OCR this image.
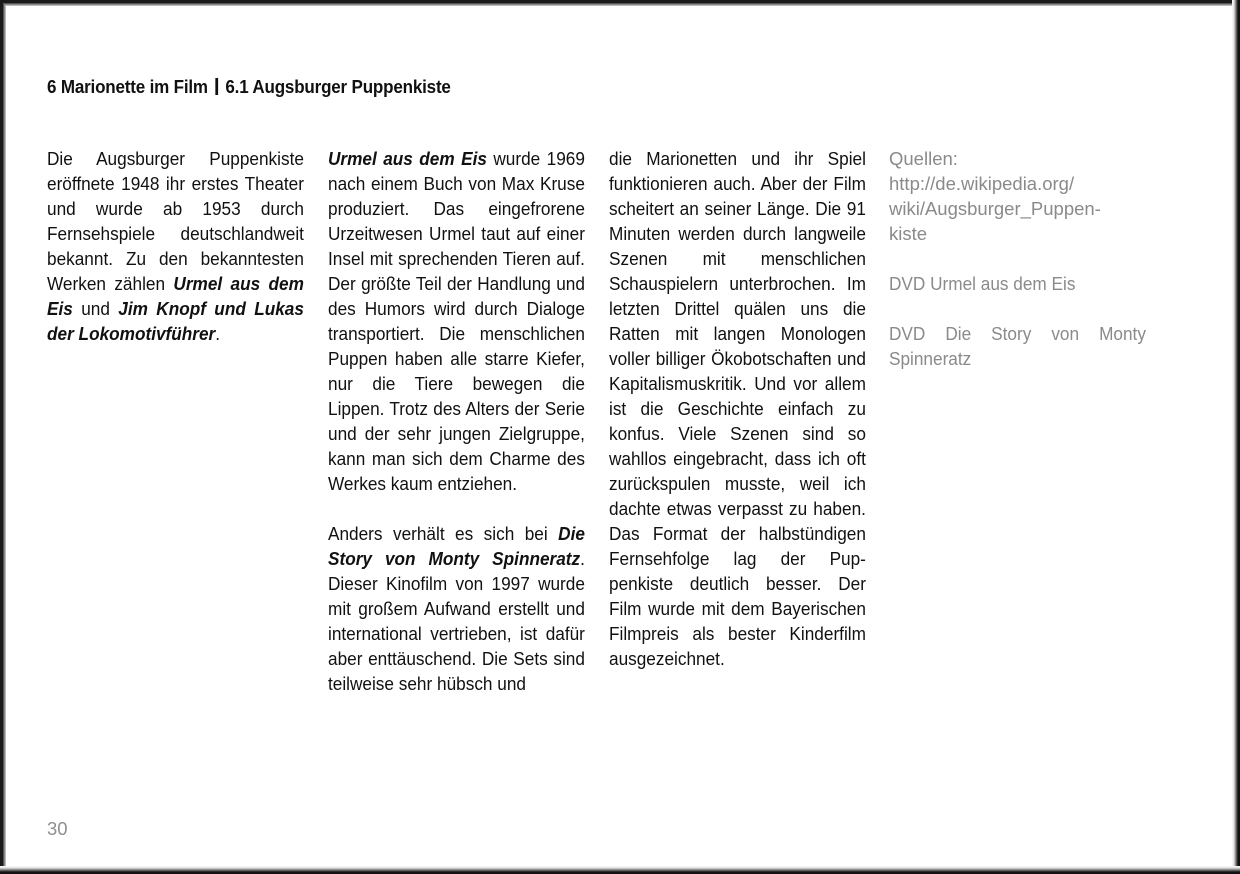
6 Marionette im Film 6.1 Augsburger Puppenkiste

Die Augsburger Puppenkiste eröffnete 1948 ihr erstes Theater und wurde ab 1953 durch Fernsehspiele deutschlandweit bekannt. Zu den bekanntesten Werken zählen Urmel aus dem Eis und Jim Knopf und Lukas der Lokomotivführer.

Urmel aus dem Eis wurde 1969 nach einem Buch von Max Kruse produziert. Das eingefrorene Urzeitwesen Urmel taut auf einer Insel mit sprechenden Tieren auf. Der größte Teil der Handlung und des Humors wird durch Dialoge transportiert. Die menschlichen Puppen haben alle starre Kiefer, nur die Tiere bewegen die Lippen. Trotz des Alters der Serie und der sehr jungen Zielgruppe, kann man sich dem Charme des Werkes kaum entziehen.

Anders verhält es sich bei Die Story von Monty Spinneratz. Dieser Kinofilm von 1997 wurde mit großem Aufwand erstellt und international vertrieben, ist dafür aber enttäuschend. Die Sets sind teilweise sehr hübsch und

die Marionetten und ihr Spiel funktionieren auch. Aber der Film scheitert an seiner Länge. Die 91 Minuten werden durch langweile Szenen mit menschlichen Schauspielern unterbrochen. Im letzten Drittel quälen uns die Ratten mit langen Monologen voller billiger Ökobotschaften und Kapitalismuskritik. Und vor allem ist die Geschichte einfach zu konfus. Viele Szenen sind so wahllos eingebracht, dass ich oft zurückspulen musste, weil ich dachte etwas verpasst zu haben. Das Format der halbstündigen Fernsehfolge lag der Puppenkiste deutlich besser. Der Film wurde mit dem Bayerischen Filmpreis als bester Kinderfilm ausgezeichnet.

Quellen:
http://de.wikipedia.org/
wiki/Augsburger_Puppen-
kiste

DVD Urmel aus dem Eis

DVD Die Story von Monty Spinneratz

30
